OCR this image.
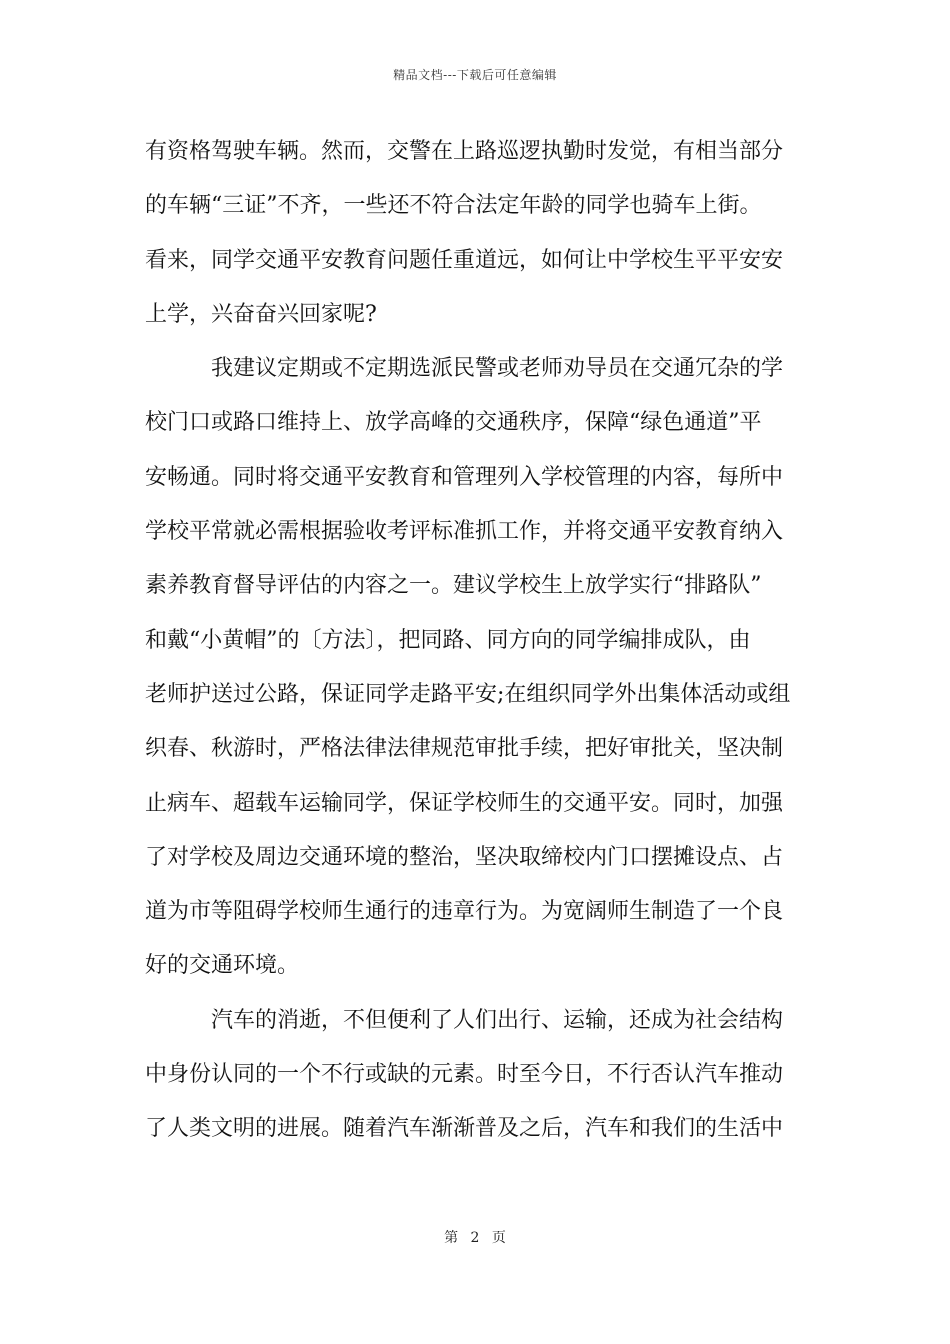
精品文档---下载后可任意编辑
有资格驾驶车辆。然而，交警在上路巡逻执勤时发觉，有相当部分
的车辆“三证”不齐，一些还不符合法定年龄的同学也骑车上街。
看来，同学交通平安教育问题任重道远，如何让中学校生平平安安
上学，兴奋奋兴回家呢?
我建议定期或不定期选派民警或老师劝导员在交通冗杂的学
校门口或路口维持上、放学高峰的交通秩序，保障“绿色通道”平
安畅通。同时将交通平安教育和管理列入学校管理的内容，每所中
学校平常就必需根据验收考评标准抓工作，并将交通平安教育纳入
素养教育督导评估的内容之一。建议学校生上放学实行“排路队”
和戴“小黄帽”的〔方法〕，把同路、同方向的同学编排成队，由
老师护送过公路，保证同学走路平安;在组织同学外出集体活动或组
织春、秋游时，严格法律法律规范审批手续，把好审批关，坚决制
止病车、超载车运输同学，保证学校师生的交通平安。同时，加强
了对学校及周边交通环境的整治，坚决取缔校内门口摆摊设点、占
道为市等阻碍学校师生通行的违章行为。为宽阔师生制造了一个良
好的交通环境。
汽车的消逝，不但便利了人们出行、运输，还成为社会结构
中身份认同的一个不行或缺的元素。时至今日，不行否认汽车推动
了人类文明的进展。随着汽车渐渐普及之后，汽车和我们的生活中
第 2 页
